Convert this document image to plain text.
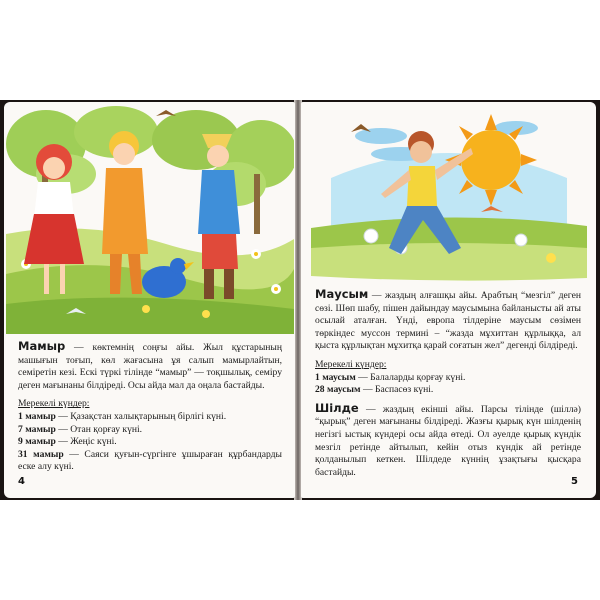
Мамыр — көктемнің соңғы айы. Жыл құстарының машығын тоғып, көл жағасына ұя салып мамырлайтын, семіретін кезі. Ескі түркі тілінде “мамыр” — тоқшылық, семіру деген мағынаны білдіреді. Осы айда мал да оңала бастайды.

Мерекелі күндер:

1 мамыр — Қазақстан халықтарының бірлігі күні.

7 мамыр — Отан қорғау күні.

9 мамыр — Жеңіс күні.

31 мамыр — Саяси қуғын-сүргінге ұшыраған құрбандарды еске алу күні.

4

Маусым — жаздың алғашқы айы. Арабтың “мезгіл” деген сөзі. Шөп шабу, пішен дайындау маусымына байланысты ай аты осылай аталған. Үнді, европа тілдеріне маусым сөзімен төркіндес муссон термині – “жазда мұхиттан құрлыққа, ал қыста құрлықтан мұхитқа қарай соғатын жел” дегенді білдіреді.

Мерекелі күндер:

1 маусым — Балаларды қорғау күні.

28 маусым — Баспасөз күні.

Шілде — жаздың екінші айы. Парсы тілінде (шіллә) “қырық” деген мағынаны білдіреді. Жазғы қырық күн шілденің негізгі ыстық күндері осы айда өтеді. Ол әуелде қырық күндік мезгіл ретінде айтылып, кейін отыз күндік ай ретінде қолданылып кеткен. Шілдеде күннің ұзақтығы қысқара бастайды.

5
